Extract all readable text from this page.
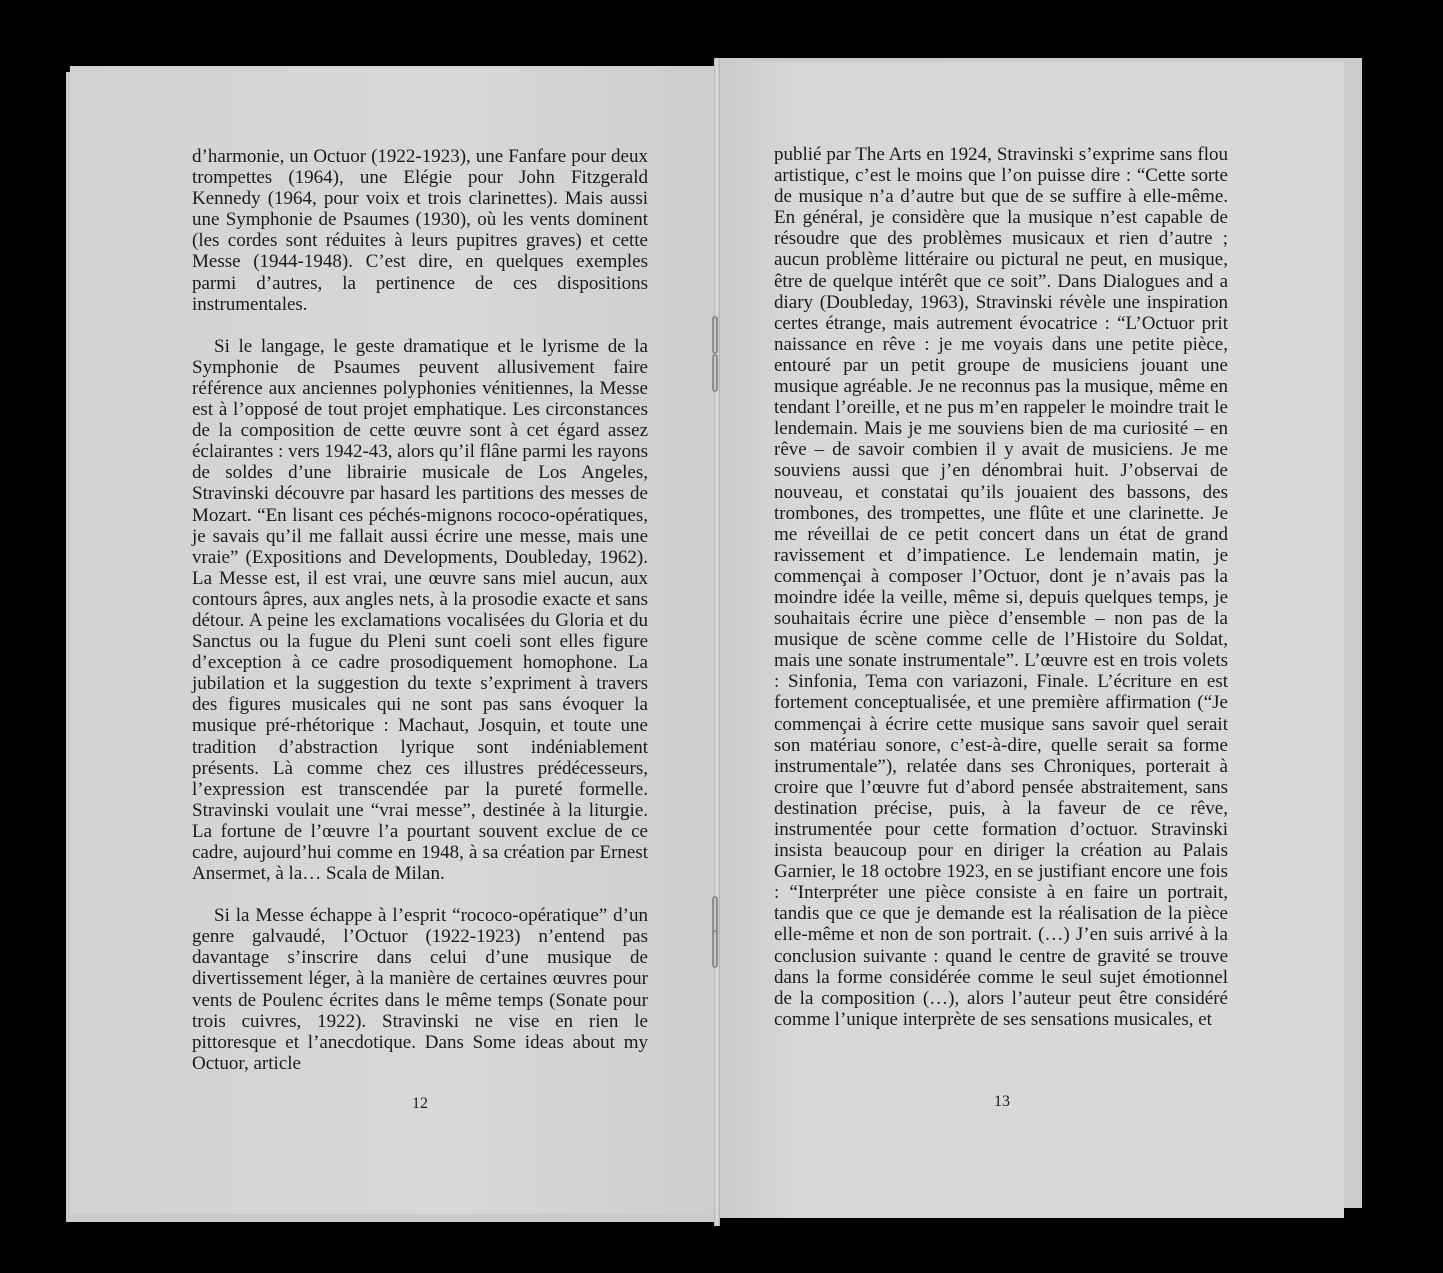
d’harmonie, un Octuor (1922-1923), une Fanfare pour deux trompettes (1964), une Elégie pour John Fitzgerald Kennedy (1964, pour voix et trois clarinettes). Mais aussi une Symphonie de Psaumes (1930), où les vents dominent (les cordes sont réduites à leurs pupitres graves) et cette Messe (1944-1948). C’est dire, en quelques exemples parmi d’autres, la pertinence de ces dispositions instrumentales.

Si le langage, le geste dramatique et le lyrisme de la Symphonie de Psaumes peuvent allusivement faire référence aux anciennes polyphonies vénitiennes, la Messe est à l’opposé de tout projet emphatique. Les circonstances de la composition de cette œuvre sont à cet égard assez éclairantes : vers 1942-43, alors qu’il flâne parmi les rayons de soldes d’une librairie musicale de Los Angeles, Stravinski découvre par hasard les partitions des messes de Mozart. “En lisant ces péchés-mignons rococo-opératiques, je savais qu’il me fallait aussi écrire une messe, mais une vraie” (Expositions and Developments, Doubleday, 1962). La Messe est, il est vrai, une œuvre sans miel aucun, aux contours âpres, aux angles nets, à la prosodie exacte et sans détour. A peine les exclamations vocalisées du Gloria et du Sanctus ou la fugue du Pleni sunt coeli sont elles figure d’exception à ce cadre prosodiquement homophone. La jubilation et la suggestion du texte s’expriment à travers des figures musicales qui ne sont pas sans évoquer la musique pré-rhétorique : Machaut, Josquin, et toute une tradition d’abstraction lyrique sont indéniablement présents. Là comme chez ces illustres prédécesseurs, l’expression est transcendée par la pureté formelle. Stravinski voulait une “vrai messe”, destinée à la liturgie. La fortune de l’œuvre l’a pourtant souvent exclue de ce cadre, aujourd’hui comme en 1948, à sa création par Ernest Ansermet, à la… Scala de Milan.

Si la Messe échappe à l’esprit “rococo-opératique” d’un genre galvaudé, l’Octuor (1922-1923) n’entend pas davantage s’inscrire dans celui d’une musique de divertissement léger, à la manière de certaines œuvres pour vents de Poulenc écrites dans le même temps (Sonate pour trois cuivres, 1922). Stravinski ne vise en rien le pittoresque et l’anecdotique. Dans Some ideas about my Octuor, article

12

publié par The Arts en 1924, Stravinski s’exprime sans flou artistique, c’est le moins que l’on puisse dire : “Cette sorte de musique n’a d’autre but que de se suffire à elle-même. En général, je considère que la musique n’est capable de résoudre que des problèmes musicaux et rien d’autre ; aucun problème littéraire ou pictural ne peut, en musique, être de quelque intérêt que ce soit”. Dans Dialogues and a diary (Doubleday, 1963), Stravinski révèle une inspiration certes étrange, mais autrement évocatrice : “L’Octuor prit naissance en rêve : je me voyais dans une petite pièce, entouré par un petit groupe de musiciens jouant une musique agréable. Je ne reconnus pas la musique, même en tendant l’oreille, et ne pus m’en rappeler le moindre trait le lendemain. Mais je me souviens bien de ma curiosité – en rêve – de savoir combien il y avait de musiciens. Je me souviens aussi que j’en dénombrai huit. J’observai de nouveau, et constatai qu’ils jouaient des bassons, des trombones, des trompettes, une flûte et une clarinette. Je me réveillai de ce petit concert dans un état de grand ravissement et d’impatience. Le lendemain matin, je commençai à composer l’Octuor, dont je n’avais pas la moindre idée la veille, même si, depuis quelques temps, je souhaitais écrire une pièce d’ensemble – non pas de la musique de scène comme celle de l’Histoire du Soldat, mais une sonate instrumentale”. L’œuvre est en trois volets : Sinfonia, Tema con variazoni, Finale. L’écriture en est fortement conceptualisée, et une première affirmation (“Je commençai à écrire cette musique sans savoir quel serait son matériau sonore, c’est-à-dire, quelle serait sa forme instrumentale”), relatée dans ses Chroniques, porterait à croire que l’œuvre fut d’abord pensée abstraitement, sans destination précise, puis, à la faveur de ce rêve, instrumentée pour cette formation d’octuor. Stravinski insista beaucoup pour en diriger la création au Palais Garnier, le 18 octobre 1923, en se justifiant encore une fois : “Interpréter une pièce consiste à en faire un portrait, tandis que ce que je demande est la réalisation de la pièce elle-même et non de son portrait. (…) J’en suis arrivé à la conclusion suivante : quand le centre de gravité se trouve dans la forme considérée comme le seul sujet émotionnel de la composition (…), alors l’auteur peut être considéré comme l’unique interprète de ses sensations musicales, et

13
